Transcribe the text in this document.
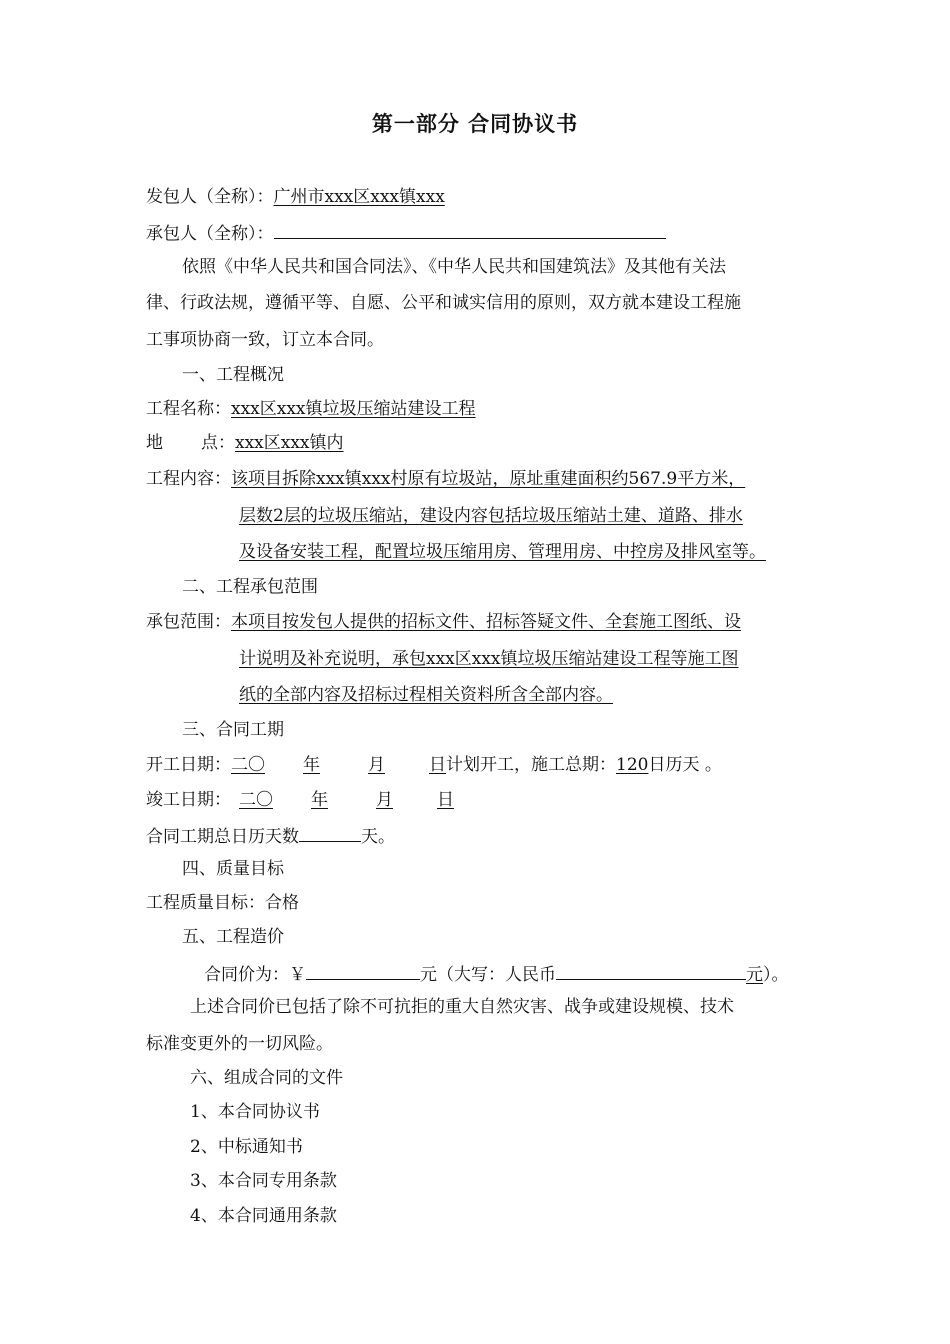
第一部分 合同协议书
发包人（全称）：广州市xxx区xxx镇xxx
承包人（全称）：
依照《中华人民共和国合同法》、《中华人民共和国建筑法》及其他有关法
律、行政法规，遵循平等、自愿、公平和诚实信用的原则，双方就本建设工程施
工事项协商一致，订立本合同。
一、工程概况
工程名称：xxx区xxx镇垃圾压缩站建设工程
地 点：xxx区xxx镇内
工程内容：该项目拆除xxx镇xxx村原有垃圾站，原址重建面积约567.9平方米，
层数2层的垃圾压缩站，建设内容包括垃圾压缩站土建、道路、排水
及设备安装工程，配置垃圾压缩用房、管理用房、中控房及排风室等。
二、工程承包范围
承包范围：本项目按发包人提供的招标文件、招标答疑文件、全套施工图纸、设
计说明及补充说明，承包xxx区xxx镇垃圾压缩站建设工程等施工图
纸的全部内容及招标过程相关资料所含全部内容。
三、合同工期
开工日期：二〇 年	月	日计划开工，施工总期：120日历天 。
竣工日期： 二〇 年	月	日
合同工期总日历天数	天。
四、质量目标
工程质量目标：合格
五、工程造价
合同价为：￥	元（大写：人民币	元）。
上述合同价已包括了除不可抗拒的重大自然灾害、战争或建设规模、技术
标准变更外的一切风险。
六、组成合同的文件
1、本合同协议书
2、中标通知书
3、本合同专用条款
4、本合同通用条款
